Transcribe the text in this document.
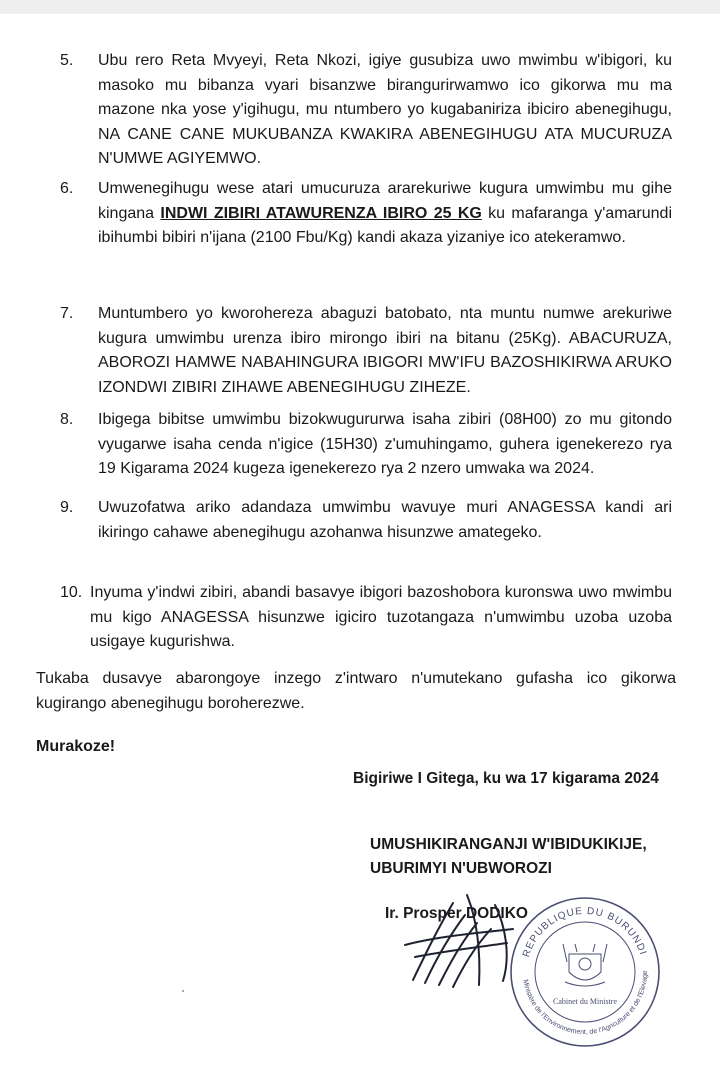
5. Ubu rero Reta Mvyeyi, Reta Nkozi, igiye gusubiza uwo mwimbu w'ibigori, ku masoko mu bibanza vyari bisanzwe birangurirwamwo ico gikorwa mu ma mazone nka yose y'igihugu, mu ntumbero yo kugabaniriza ibiciro abenegihugu, NA CANE CANE MUKUBANZA KWAKIRA ABENEGIHUGU ATA MUCURUZA N'UMWE AGIYEMWO.
6. Umwenegihugu wese atari umucuruza ararekuriwe kugura umwimbu mu gihe kingana INDWI ZIBIRI ATAWURENZA IBIRO 25 KG ku mafaranga y'amarundi ibihumbi bibiri n'ijana (2100 Fbu/Kg) kandi akaza yizaniye ico atekeramwo.
7. Muntumbero yo kworohereza abaguzi batobato, nta muntu numwe arekuriwe kugura umwimbu urenza ibiro mirongo ibiri na bitanu (25Kg). ABACURUZA, ABOROZI HAMWE NABAHINGURA IBIGORI MW'IFU BAZOSHIKIRWA ARUKO IZONDWI ZIBIRI ZIHAWE ABENEGIHUGU ZIHEZE.
8. Ibigega bibitse umwimbu bizokwugururwa isaha zibiri (08H00) zo mu gitondo vyugarwe isaha cenda n'igice (15H30) z'umuhingamo, guhera igenekerezo rya 19 Kigarama 2024 kugeza igenekerezo rya 2 nzero umwaka wa 2024.
9. Uwuzofatwa ariko adandaza umwimbu wavuye muri ANAGESSA kandi ari ikiringo cahawe abenegihugu azohanwa hisunzwe amategeko.
10. Inyuma y'indwi zibiri, abandi basavye ibigori bazoshobora kuronswa uwo mwimbu mu kigo ANAGESSA hisunzwe igiciro tuzotangaza n'umwimbu uzoba uzoba usigaye kugurishwa.
Tukaba dusavye abarongoye inzego z'intwaro n'umutekano gufasha ico gikorwa kugirango abenegihugu boroherezwe.
Murakoze!
Bigiriwe I Gitega, ku wa 17 kigarama 2024
UMUSHIKIRANGANJI W'IBIDUKIKIJE,
UBURIMYI N'UBWOROZI
Ir. Prosper DODIKO
REPUBLIQUE DU BURUNDI
Ministère de l'Environnement, de l'Agriculture et de l'Elevage
Cabinet du Ministre
